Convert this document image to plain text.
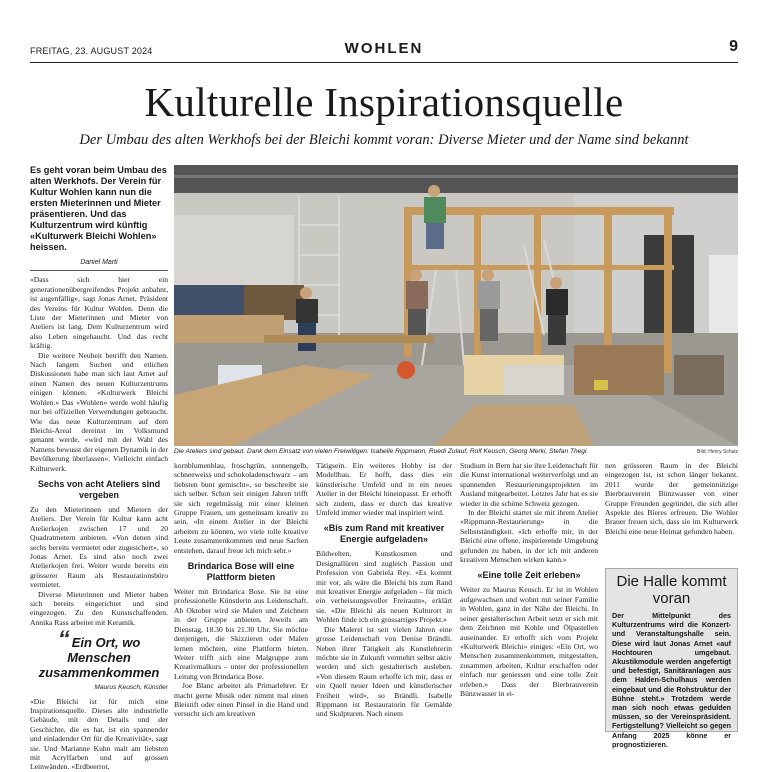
FREITAG, 23. AUGUST 2024	WOHLEN	9
Kulturelle Inspirationsquelle
Der Umbau des alten Werkhofs bei der Bleichi kommt voran: Diverse Mieter und der Name sind bekannt
Die Ateliers sind gebaut. Dank dem Einsatz von vielen Freiwilligen: Isabelle Rippmann, Ruedi Zulauf, Rolf Keusch, Georg Merki, Stefan Thegi.	Bild: Henry Schulz
Es geht voran beim Umbau des alten Werkhofs. Der Verein für Kultur Wohlen kann nun die ersten Mieterinnen und Mieter präsentieren. Und das Kulturzentrum wird künftig «Kulturwerk Bleichi Wohlen» heissen.
Daniel Marti

«Dass sich hier ein generationenübergreifendes Projekt anbahnt, ist augenfällig», sagt Jonas Arnet, Präsident des Vereins für Kultur Wohlen. Denn die Liste der Mieterinnen und Mieter von Ateliers ist lang. Dem Kulturzentrum wird also Leben eingehaucht. Und das recht kräftig.

Die weitere Neuheit betrifft den Namen. Nach langem Suchen und etlichen Diskussionen habe man sich laut Arnet auf einen Namen des neuen Kulturzentrums einigen können: «Kulturwerk Bleichi Wohlen.» Das «Wohlen» werde wohl häufig nur bei offiziellen Verwendungen gebraucht. Wie das neue Kulturzentrum auf dem Bleichi-Areal dereinst im Volksmund genannt werde, «wird mit der Wahl des Namens bewusst der eigenen Dynamik in der Bevölkerung überlassen». Vielleicht einfach Kulturwerk.

Sechs von acht Ateliers sind vergeben

Zu den Mieterinnen und Mietern der Ateliers. Der Verein für Kultur kann acht Atelierkojen zwischen 17 und 20 Quadratmetern anbieten. «Von denen sind sechs bereits vermietet oder zugesichert», so Jonas Arnet. Es sind also noch zwei Atelierkojen frei. Weiter wurde bereits ein grösserer Raum als Restaurationsbüro vermietet.

Diverse Mieterinnen und Mieter haben sich bereits eingerichtet und sind eingezogen. Zu den Kunstschaffenden. Annika Rass arbeitet mit Keramik.

“ Ein Ort, wo Menschen zusammenkommen
Maurus Keusch, Künstler

«Die Bleichi ist für mich eine Inspirationsquelle. Dieses alte industrielle Gebäude, mit den Details und der Geschichte, die es hat, ist ein spannender und einladender Ort für die Kreativität», sagt sie. Und Marianne Kuhn malt am liebsten mit Acrylfarben und auf grossen Leinwänden. «Erdbeerrot,

kornblumenblau, froschgrün, sonnengelb, schneeweiss und schokoladenschwarz – am liebsten bunt gemischt», so beschreibt sie sich selber. Schon seit einigen Jahren trifft sie sich regelmässig mit einer kleinen Gruppe Frauen, um gemeinsam kreativ zu sein. «In einem Atelier in der Bleichi arbeiten zu können, wo viele tolle kreative Leute zusammenkommen und neue Sachen entstehen, darauf freue ich mich sehr.»

Brindarica Bose will eine Plattform bieten

Weiter mit Brindarica Bose. Sie ist eine professionelle Künstlerin aus Leidenschaft. Ab Oktober wird sie Malen und Zeichnen in der Gruppe anbieten. Jeweils am Dienstag, 18.30 bis 21.30 Uhr. Sie möchte denjenigen, die Skizzieren oder Malen lernen möchten, eine Plattform bieten. Weiter trifft sich eine Malgruppe zum Kreativmalkurs – unter der professionellen Leitung von Brindarica Bose.

Joe Blanc arbeitet als Primarlehrer. Er macht gerne Musik oder nimmt mal einen Bleistift oder einen Pinsel in die Hand und versucht sich am kreativen

Tätigsein. Ein weiteres Hobby ist der Modellbau. Er hofft, dass dies ein künstlerische Umfeld und in ein neues Atelier in der Bleichi hineinpasst. Er erhofft sich zudem, dass er durch das kreative Umfeld immer wieder mal inspiriert wird.

«Bis zum Rand mit kreativer Energie aufgeladen»

Bildwelten, Kunstkosmen und Designallüren sind zugleich Passion und Profession von Gabriela Rey. «Es kommt mir vor, als wäre die Bleichi bis zum Rand mit kreativer Energie aufgeladen – für mich ein verheissungsvoller Freiraum», erklärt sie. «Die Bleichi als neuen Kulturort in Wohlen finde ich ein grossartiges Projekt.»

Die Malerei ist seit vielen Jahren eine grosse Leidenschaft von Denise Brändli. Neben ihrer Tätigkeit als Kunstlehrerin möchte sie in Zukunft vermehrt selbst aktiv werden und sich gestalterisch ausleben. «Von diesem Raum erhoffe ich mir, dass er ein Quell neuer Ideen und künstlerischer Freiheit wird», so Brändli. Isabelle Rippmann ist Restauratorin für Gemälde und Skulpturen. Nach einem

Studium in Bern hat sie ihre Leidenschaft für die Kunst international weiterverfolgt und an spannenden Restaurierungsprojekten im Ausland mitgearbeitet. Letztes Jahr hat es sie wieder in die schöne Schweiz gezogen.

In der Bleichi startet sie mit ihrem Atelier «Rippmann-Restaurierung» in die Selbstständigkeit. «Ich erhoffe mir, in der Bleichi eine offene, inspirierende Umgebung gefunden zu haben, in der ich mit anderen kreativen Menschen wirken kann.»

«Eine tolle Zeit erleben»

Weiter zu Maurus Keusch. Er ist in Wohlen aufgewachsen und wohnt mit seiner Familie in Wohlen, ganz in der Nähe der Bleichi. In seiner gestalterischen Arbeit setzt er sich mit dem Zeichnen mit Kohle und Ölpastellen auseinander. Er erhofft sich vom Projekt «Kulturwerk Bleichi» einiges: «Ein Ort, wo Menschen zusammenkommen, mitgestalten, zusammen arbeiten, Kultur erschaffen oder einfach nur geniessen und eine tolle Zeit erleben.» Dass der Bierbrauverein Bünzwasser in ei-

nen grösseren Raum in der Bleichi eingezogen ist, ist schon länger bekannt. 2011 wurde der gemeinnützige Bierbrauverein Bünzwasser von einer Gruppe Freunden gegründet, die sich aller Aspekte des Bieres erfreuen. Die Wohler Brauer freuen sich, dass sie im Kulturwerk Bleichi eine neue Heimat gefunden haben.

Die Halle kommt voran
Der Mittelpunkt des Kulturzentrums wird die Konzert- und Veranstaltungshalle sein. Diese wird laut Jonas Arnet «auf Hochtouren umgebaut. Akustikmodule werden angefertigt und befestigt, Sanitäranlagen aus dem Halden-Schulhaus werden eingebaut und die Rohstruktur der Bühne steht.» Trotzdem werde man sich noch etwas gedulden müssen, so der Vereinspräsident. Fertigstellung? Vielleicht so gegen Anfang 2025 könne er prognostizieren.
